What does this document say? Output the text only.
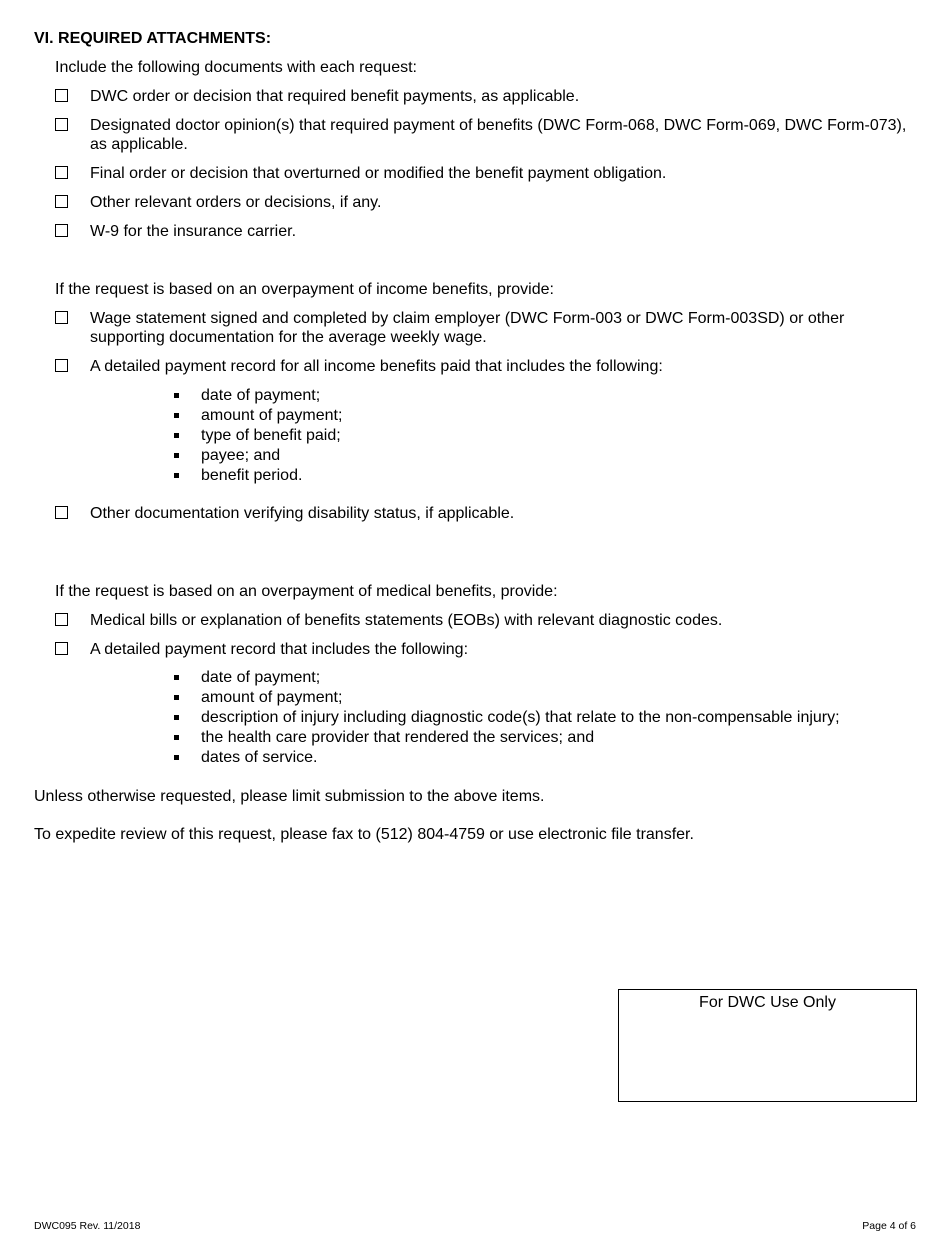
VI. REQUIRED ATTACHMENTS:
Include the following documents with each request:
DWC order or decision that required benefit payments, as applicable.
Designated doctor opinion(s) that required payment of benefits (DWC Form-068, DWC Form-069, DWC Form-073), as applicable.
Final order or decision that overturned or modified the benefit payment obligation.
Other relevant orders or decisions, if any.
W-9 for the insurance carrier.
If the request is based on an overpayment of income benefits, provide:
Wage statement signed and completed by claim employer (DWC Form-003 or DWC Form-003SD) or other supporting documentation for the average weekly wage.
A detailed payment record for all income benefits paid that includes the following:
date of payment;
amount of payment;
type of benefit paid;
payee; and
benefit period.
Other documentation verifying disability status, if applicable.
If the request is based on an overpayment of medical benefits, provide:
Medical bills or explanation of benefits statements (EOBs) with relevant diagnostic codes.
A detailed payment record that includes the following:
date of payment;
amount of payment;
description of injury including diagnostic code(s) that relate to the non-compensable injury;
the health care provider that rendered the services; and
dates of service.
Unless otherwise requested, please limit submission to the above items.
To expedite review of this request, please fax to (512) 804-4759 or use electronic file transfer.
For DWC Use Only
DWC095 Rev. 11/2018	Page 4 of 6
